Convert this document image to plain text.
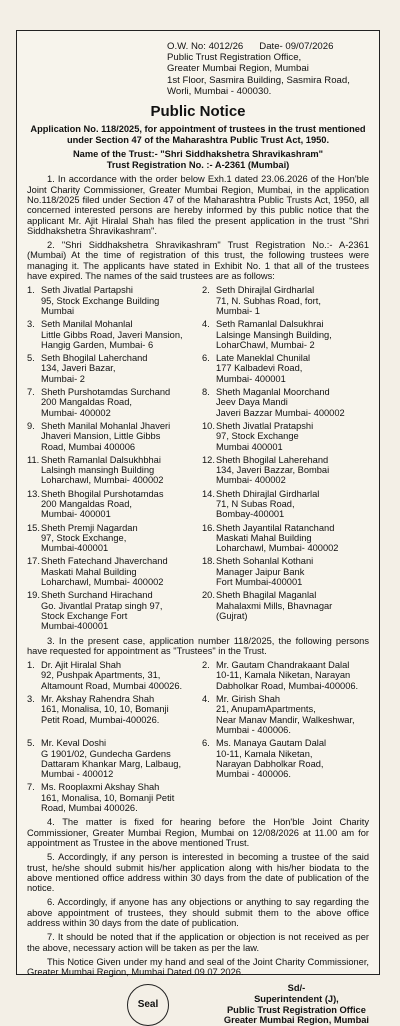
O.W. No: 4012/26 Date- 09/07/2026
Public Trust Registration Office,
Greater Mumbai Region, Mumbai
1st Floor, Sasmira Building, Sasmira Road,
Worli, Mumbai - 400030.
Public Notice
Application No. 118/2025, for appointment of trustees in the trust mentioned under Section 47 of the Maharashtra Public Trust Act, 1950.
Name of the Trust:- "Shri Siddhakshetra Shravikashram"
Trust Registration No. :- A-2361 (Mumbai)

1. In accordance with the order below Exh.1 dated 23.06.2026 of the Hon'ble Joint Charity Commissioner, Greater Mumbai Region, Mumbai, in the application No.118/2025 filed under Section 47 of the Maharashtra Public Trusts Act, 1950, all concerned interested persons are hereby informed by this public notice that the applicant Mr. Ajit Hiralal Shah has filed the present application in the trust "Shri Siddhakshetra Shravikashram".

2. "Shri Siddhakshetra Shravikashram" Trust Registration No.:- A-2361 (Mumbai) At the time of registration of this trust, the following trustees were managing it. The applicants have stated in Exhibit No. 1 that all of the trustees have expired. The names of the said trustees are as follows:

1. Seth Jivatlal Partapshi
95, Stock Exchange Building
Mumbai
2. Seth Dhirajlal Girdharlal
71, N. Subhas Road, fort,
Mumbai- 1
3. Seth Manilal Mohanlal
Little Gibbs Road, Javeri Mansion,
Hangig Garden, Mumbai- 6
4. Seth Ramanlal Dalsukhrai
Lalsinge Mansingh Building,
LoharChawl, Mumbai- 2
5. Seth Bhogilal Laherchand
134, Javeri Bazar,
Mumbai- 2
6. Late Maneklal Chunilal
177 Kalbadevi Road,
Mumbai- 400001
7. Sheth Purshotamdas Surchand
200 Mangaldas Road,
Mumbai- 400002
8. Sheth Maganlal Moorchand
Jeev Daya Mandi
Javeri Bazzar Mumbai- 400002
9. Sheth Manilal Mohanlal Jhaveri
Jhaveri Mansion, Little Gibbs
Road, Mumbai 400006
10. Sheth Jivatlal Pratapshi
97, Stock Exchange
Mumbai 400001
11. Sheth Ramanlal Dalsukhbhai
Lalsingh mansingh Building
Loharchawl, Mumbai- 400002
12. Sheth Bhogilal Laherehand
134, Javeri Bazzar, Bombai
Mumbai- 400002
13. Sheth Bhogilal Purshotamdas
200 Mangaldas Road,
Mumbai- 400001
14. Sheth Dhirajlal Girdharlal
71, N Subas Road,
Bombay-400001
15. Sheth Premji Nagardan
97, Stock Exchange,
Mumbai-400001
16. Sheth Jayantilal Ratanchand
Maskati Mahal Building
Loharchawl, Mumbai- 400002
17. Sheth Fatechand Jhaverchand
Maskati Mahal Building
Loharchawl, Mumbai- 400002
18. Sheth Sohanlal Kothani
Manager Jaipur Bank
Fort Mumbai-400001
19. Sheth Surchand Hirachand
Go. Jivantlal Pratap singh 97,
Stock Exchange Fort
Mumbai-400001
20. Sheth Bhagilal Maganlal
Mahalaxmi Mills, Bhavnagar
(Gujrat)

3. In the present case, application number 118/2025, the following persons have requested for appointment as "Trustees" in the Trust.

1. Dr. Ajit Hiralal Shah
92, Pushpak Apartments, 31,
Altamount Road, Mumbai 400026.
2. Mr. Gautam Chandrakaant Dalal
10-11, Kamala Niketan, Narayan
Dabholkar Road, Mumbai-400006.
3. Mr. Akshay Rahendra Shah
161, Monalisa, 10, 10, Bomanji
Petit Road, Mumbai-400026.
4. Mr. Girish Shah
21, AnupamApartments,
Near Manav Mandir, Walkeshwar,
Mumbai - 400006.
5. Mr. Keval Doshi
G 1901/02, Gundecha Gardens
Dattaram Khankar Marg, Lalbaug,
Mumbai - 400012
6. Ms. Manaya Gautam Dalal
10-11, Kamala Niketan,
Narayan Dabholkar Road,
Mumbai - 400006.
7. Ms. Rooplaxmi Akshay Shah
161, Monalisa, 10, Bomanji Petit
Road, Mumbai 400026.

4. The matter is fixed for hearing before the Hon'ble Joint Charity Commissioner, Greater Mumbai Region, Mumbai on 12/08/2026 at 11.00 am for appointment as Trustee in the above mentioned Trust.

5. Accordingly, if any person is interested in becoming a trustee of the said trust, he/she should submit his/her application along with his/her biodata to the above mentioned office address within 30 days from the date of publication of the notice.

6. Accordingly, if anyone has any objections or anything to say regarding the above appointment of trustees, they should submit them to the above office address within 30 days from the date of publication.

7. It should be noted that if the application or objection is not received as per the above, necessary action will be taken as per the law.

This Notice Given under my hand and seal of the Joint Charity Commissioner, Greater Mumbai Region, Mumbai Dated 09.07.2026.

Seal
Sd/-
Superintendent (J),
Public Trust Registration Office
Greater Mumbai Region, Mumbai
